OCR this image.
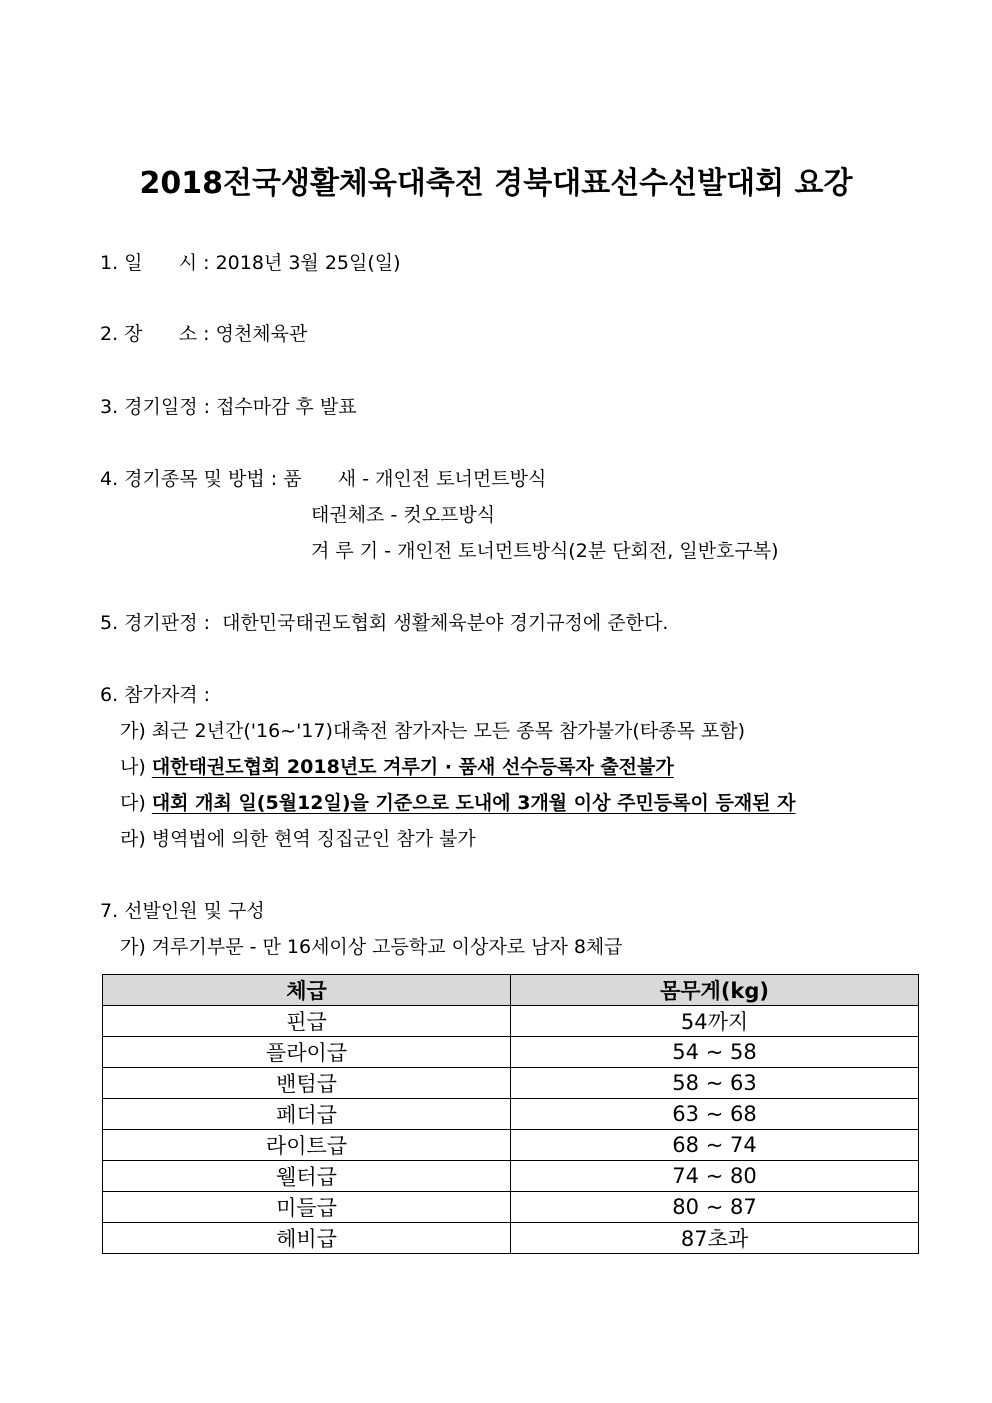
2018전국생활체육대축전 경북대표선수선발대회 요강
1. 일      시 : 2018년 3월 25일(일)
2. 장      소 : 영천체육관
3. 경기일정 : 접수마감 후 발표
4. 경기종목 및 방법 : 품      새 - 개인전 토너먼트방식
태권체조 - 컷오프방식
겨 루 기 - 개인전 토너먼트방식(2분 단회전, 일반호구복)
5. 경기판정 :  대한민국태권도협회 생활체육분야 경기규정에 준한다.
6. 참가자격 :
가) 최근 2년간('16~'17)대축전 참가자는 모든 종목 참가불가(타종목 포함)
나) 대한태권도협회 2018년도 겨루기 · 품새 선수등록자 출전불가
다) 대회 개최 일(5월12일)을 기준으로 도내에 3개월 이상 주민등록이 등재된 자
라) 병역법에 의한 현역 징집군인 참가 불가
7. 선발인원 및 구성
가) 겨루기부문 - 만 16세이상 고등학교 이상자로 남자 8체급
체급	몸무게(kg)
핀급	54까지
플라이급	54 ~ 58
밴텀급	58 ~ 63
페더급	63 ~ 68
라이트급	68 ~ 74
웰터급	74 ~ 80
미들급	80 ~ 87
헤비급	87초과
